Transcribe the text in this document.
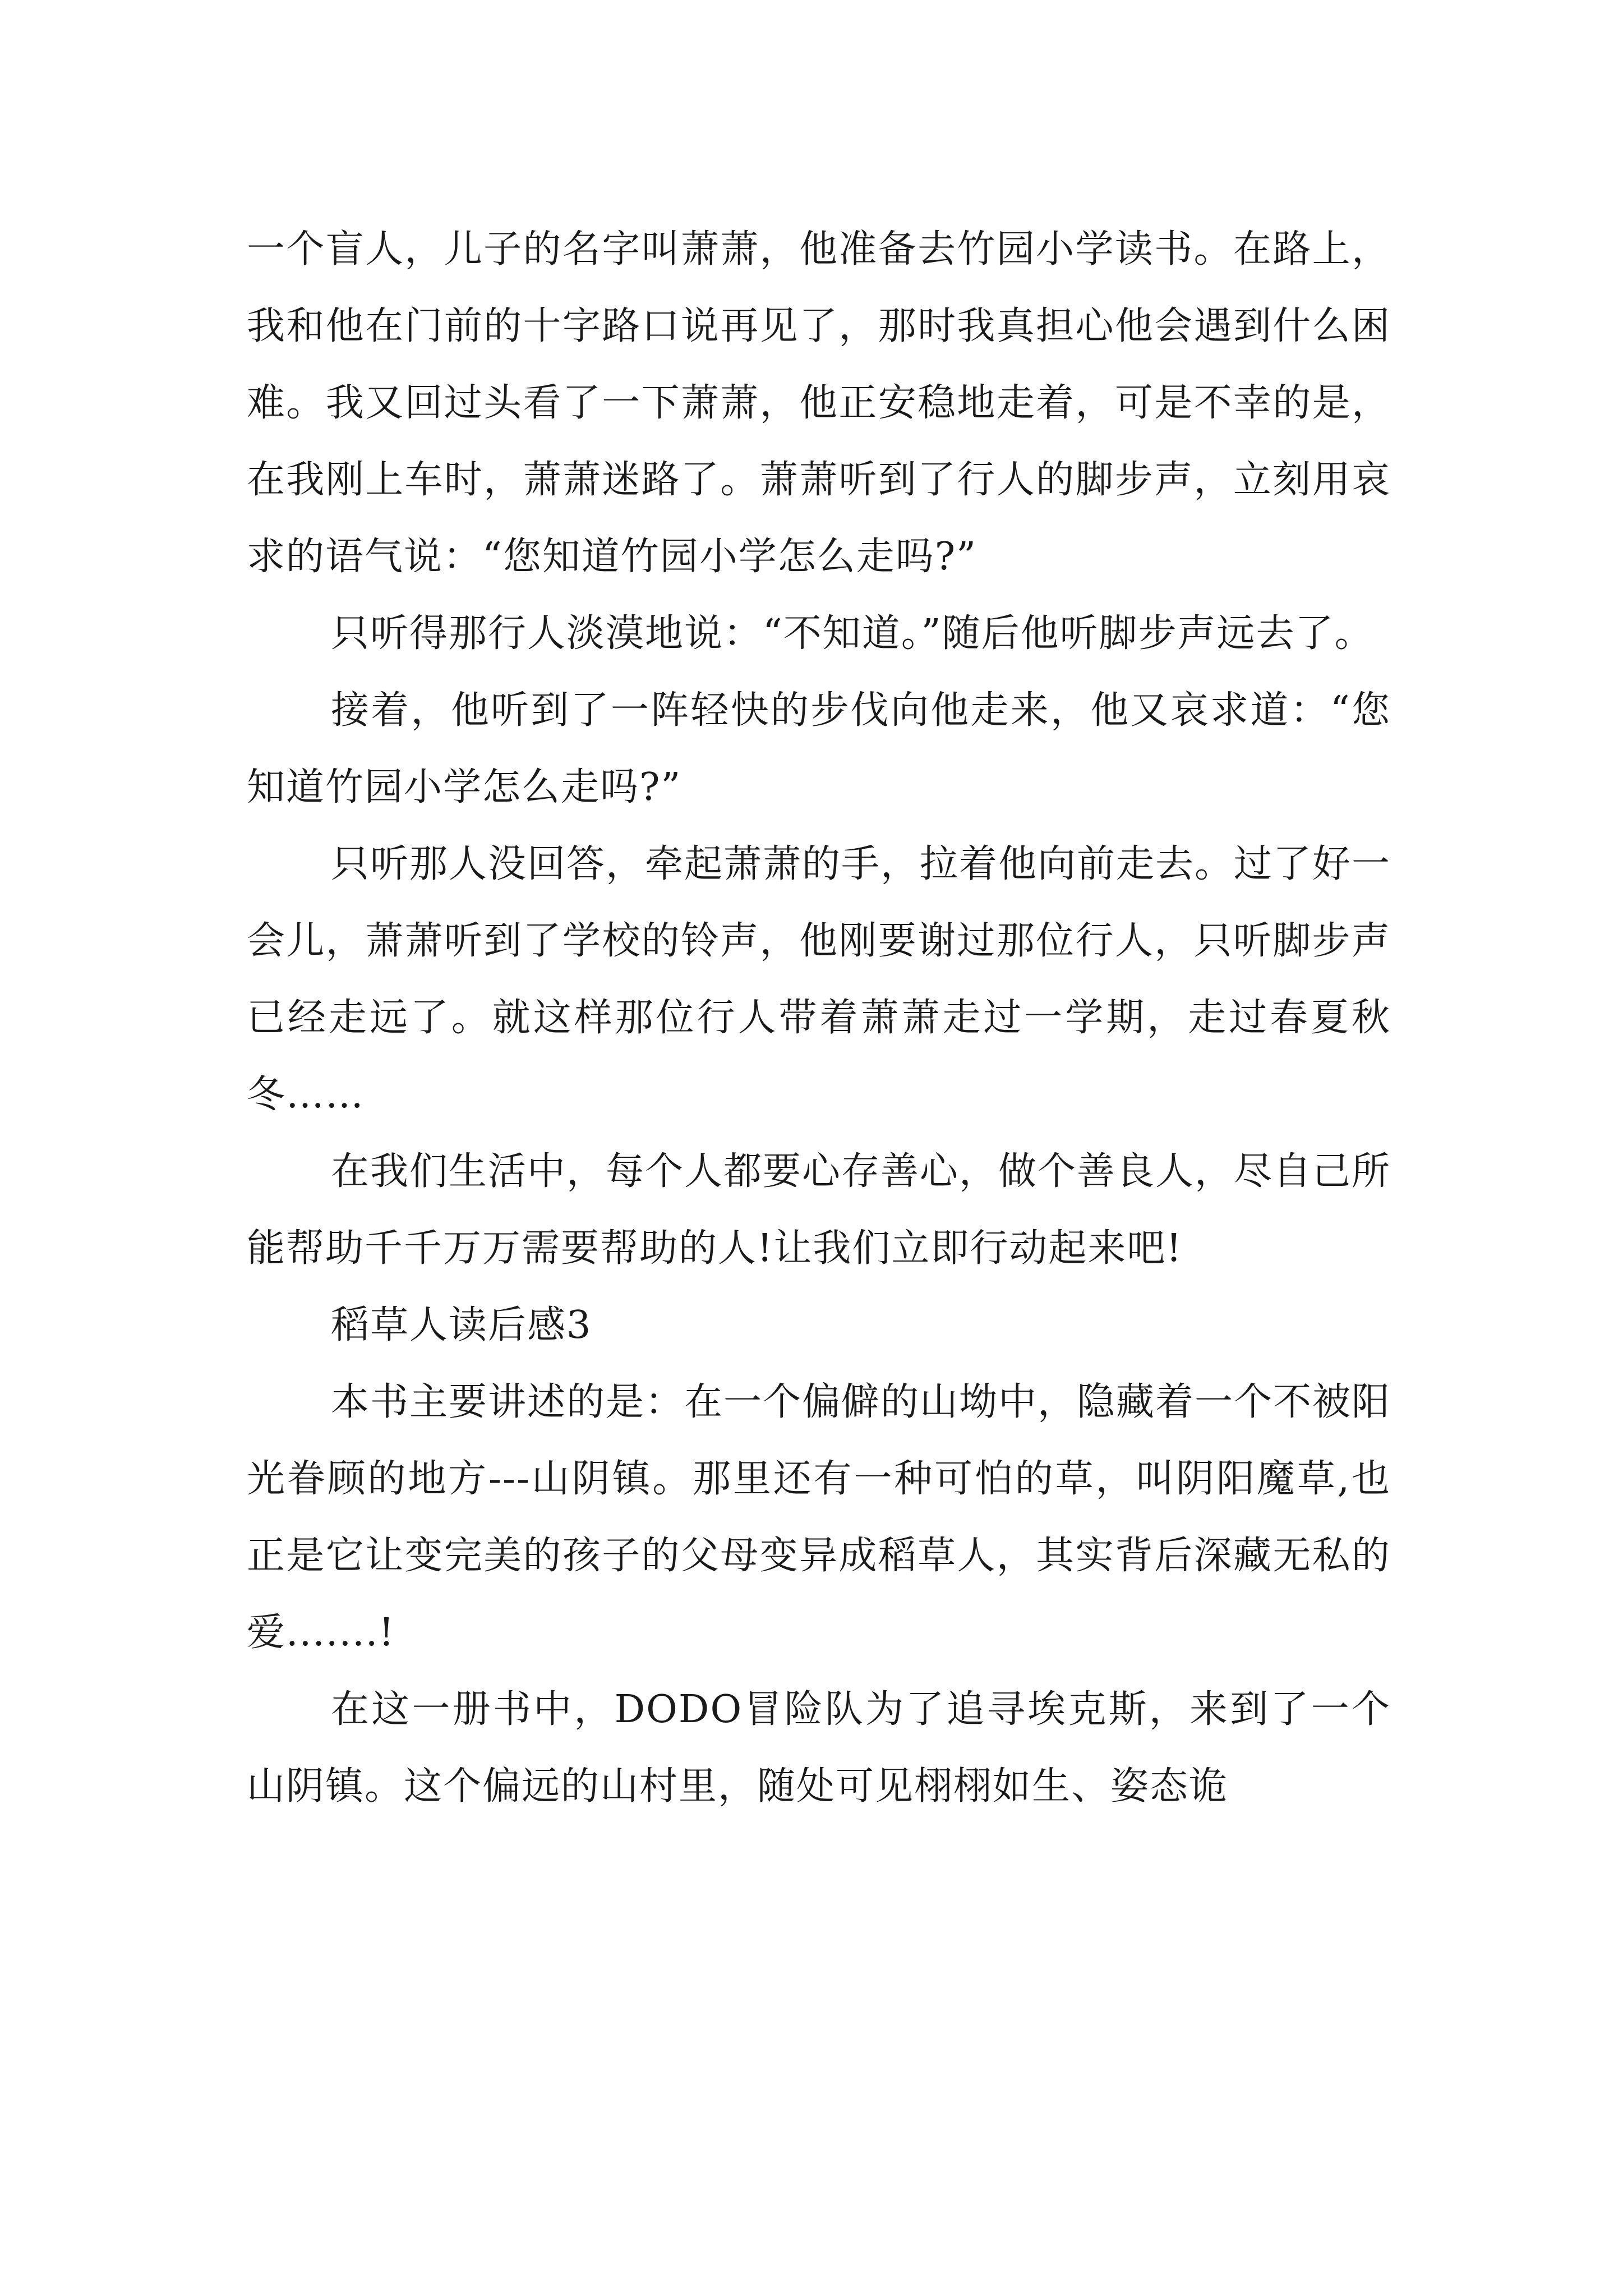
一个盲人，儿子的名字叫萧萧，他准备去竹园小学读书。在路上，我和他在门前的十字路口说再见了，那时我真担心他会遇到什么困难。我又回过头看了一下萧萧，他正安稳地走着，可是不幸的是，在我刚上车时，萧萧迷路了。萧萧听到了行人的脚步声，立刻用哀求的语气说：“您知道竹园小学怎么走吗?”

只听得那行人淡漠地说：“不知道。”随后他听脚步声远去了。

接着，他听到了一阵轻快的步伐向他走来，他又哀求道：“您知道竹园小学怎么走吗?”

只听那人没回答，牵起萧萧的手，拉着他向前走去。过了好一会儿，萧萧听到了学校的铃声，他刚要谢过那位行人，只听脚步声已经走远了。就这样那位行人带着萧萧走过一学期，走过春夏秋冬……

在我们生活中，每个人都要心存善心，做个善良人，尽自己所能帮助千千万万需要帮助的人!让我们立即行动起来吧!

稻草人读后感3

本书主要讲述的是：在一个偏僻的山坳中，隐藏着一个不被阳光眷顾的地方---山阴镇。那里还有一种可怕的草，叫阴阳魔草,也正是它让变完美的孩子的父母变异成稻草人，其实背后深藏无私的爱.......!

在这一册书中，DODO冒险队为了追寻埃克斯，来到了一个山阴镇。这个偏远的山村里，随处可见栩栩如生、姿态诡
